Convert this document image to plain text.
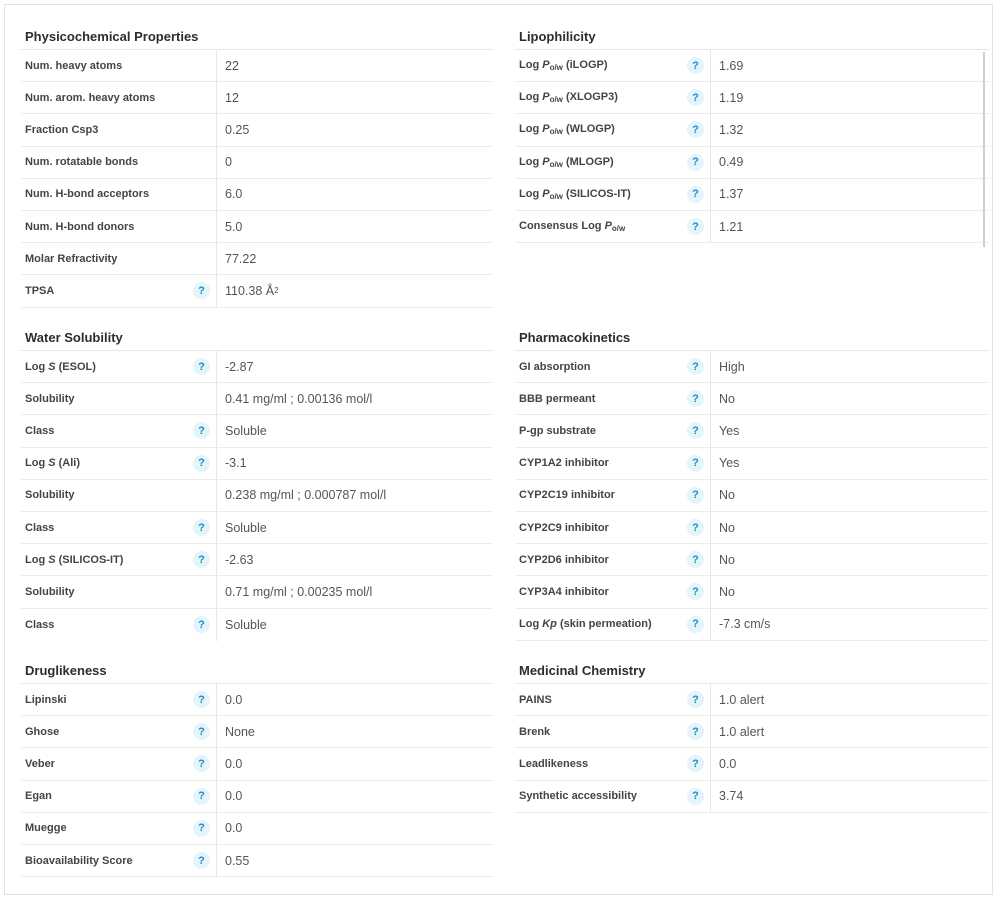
Physicochemical Properties
Num. heavy atoms	22
Num. arom. heavy atoms	12
Fraction Csp3	0.25
Num. rotatable bonds	0
Num. H-bond acceptors	6.0
Num. H-bond donors	5.0
Molar Refractivity	77.22
TPSA	?	110.38 Å 2
Lipophilicity
Log $P_{o/w}$ (iLOGP)	?	1.69
Log $P_{o/w}$ (XLOGP3)	?	1.19
Log $P_{o/w}$ (WLOGP)	?	1.32
Log $P_{o/w}$ (MLOGP)	?	0.49
Log $P_{o/w}$ (SILICOS-IT)	?	1.37
Consensus Log $P_{o/w}$	?	1.21
Water Solubility
Log S (ESOL)	?	-2.87
Solubility	0.41 mg/ml ; 0.00136 mol/l
Class	?	Soluble
Log S (Ali)	?	-3.1
Solubility	0.238 mg/ml ; 0.000787 mol/l
Class	?	Soluble
Log S (SILICOS-IT)	?	-2.63
Solubility	0.71 mg/ml ; 0.00235 mol/l
Class	?	Soluble
Pharmacokinetics
GI absorption	?	High
BBB permeant	?	No
P-gp substrate	?	Yes
CYP1A2 inhibitor	?	Yes
CYP2C19 inhibitor	?	No
CYP2C9 inhibitor	?	No
CYP2D6 inhibitor	?	No
CYP3A4 inhibitor	?	No
Log Kp (skin permeation)	?	-7.3 cm/s
Druglikeness
Lipinski	?	0.0
Ghose	?	None
Veber	?	0.0
Egan	?	0.0
Muegge	?	0.0
Bioavailability Score	?	0.55
Medicinal Chemistry
PAINS	?	1.0 alert
Brenk	?	1.0 alert
Leadlikeness	?	0.0
Synthetic accessibility	?	3.74
